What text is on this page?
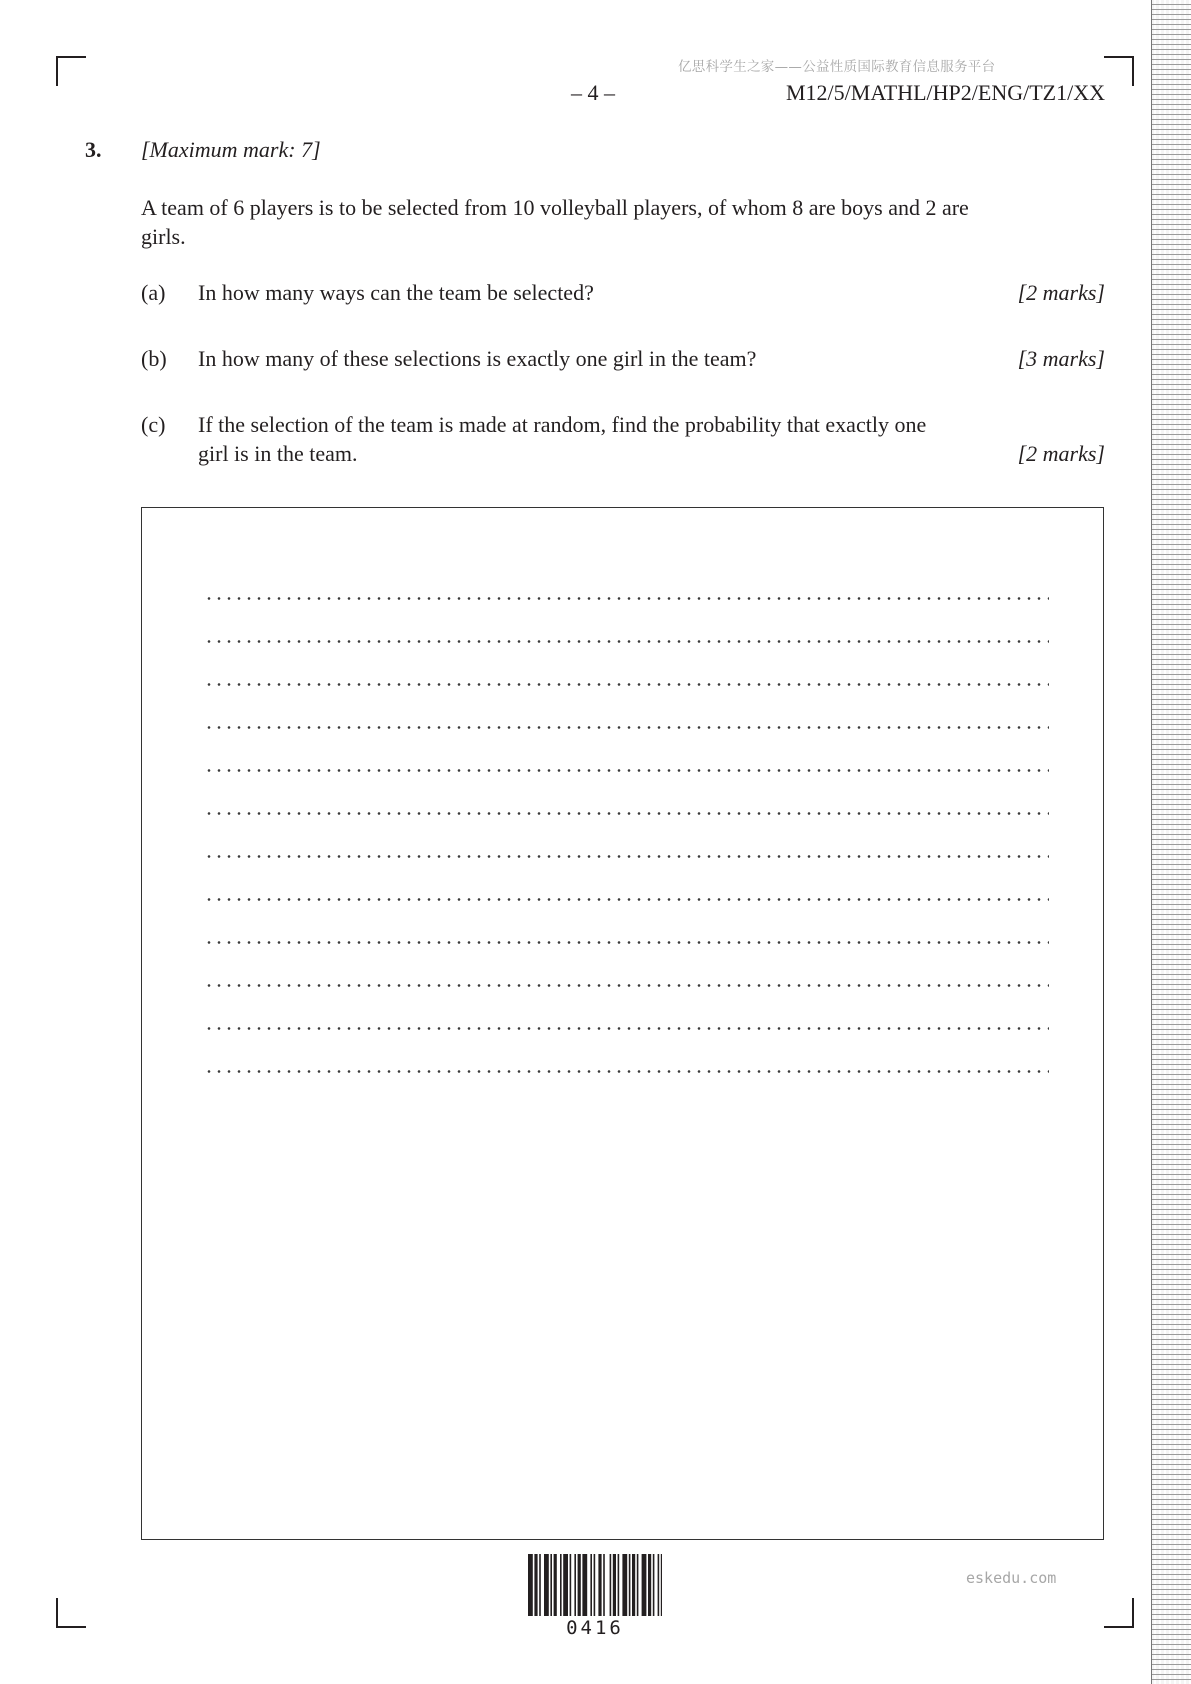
亿思科学生之家——公益性质国际教育信息服务平台
– 4 –	M12/5/MATHL/HP2/ENG/TZ1/XX
3. [Maximum mark: 7]
A team of 6 players is to be selected from 10 volleyball players, of whom 8 are boys and 2 are girls.
(a) In how many ways can the team be selected?	[2 marks]
(b) In how many of these selections is exactly one girl in the team?	[3 marks]
(c) If the selection of the team is made at random, find the probability that exactly one girl is in the team.	[2 marks]
0416
eskedu.com
